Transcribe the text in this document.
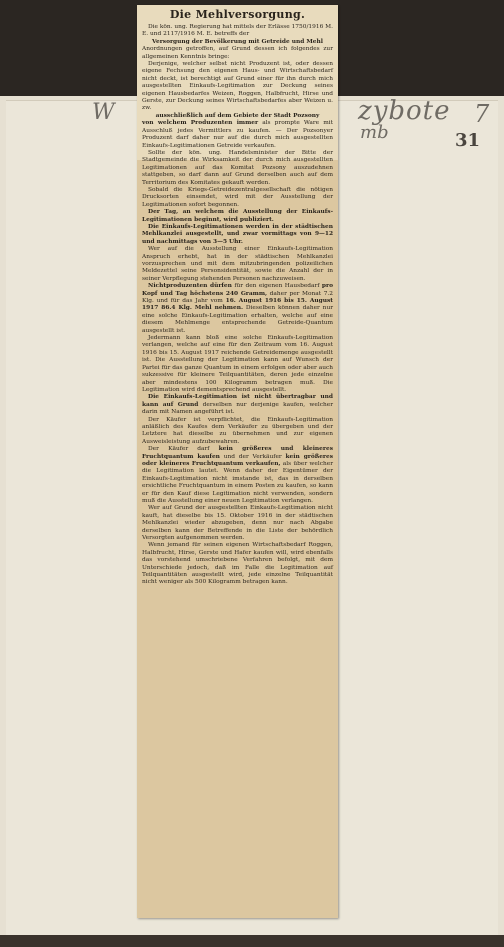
W	zybote
mb
7
31
Die Mehlversorgung.

Die kön. ung. Regierung hat mittels der Erlässe 1750/1916 M. E. und 2117/1916 M. E. betreffs der

Versorgung der Bevölkerung mit Getreide und Mehl

Anordnungen getroffen, auf Grund dessen ich folgendes zur allgemeinen Kenntnis bringe:

Derjenige, welcher selbst nicht Produzent ist, oder dessen eigene Fechsung den eigenen Haus- und Wirtschaftsbedarf nicht deckt, ist berechtigt auf Grund einer für ihn durch mich ausgestellten Einkaufs-Legitimation zur Deckung seines eigenen Hausbedarfes Weizen, Roggen, Halbfrucht, Hirse und Gerste, zur Deckung seines Wirtschaftsbedarfes aber Weizen u. zw.

ausschließlich auf dem Gebiete der Stadt Pozsony

von welchem Produzenten immer als prompte Ware mit Ausschluß jedes Vermittlers zu kaufen. — Der Pozsonyer Produzent darf daher nur auf die durch mich ausgestellten Einkaufs-Legitimationen Getreide verkaufen.

Sollte der kön. ung. Handelsminister der Bitte der Stadtgemeinde die Wirksamkeit der durch mich ausgestellten Legitimationen auf das Komitat Pozsony auszudehnen stattgeben, so darf dann auf Grund derselben auch auf dem Territorium des Komitates gekauft werden.

Sobald die Kriegs-Getreidezentralgesellschaft die nötigen Drucksorten einsendet, wird mit der Ausstellung der Legitimationen sofort begonnen.

Der Tag, an welchem die Ausstellung der Einkaufs-Legitimationen beginnt, wird publiziert.

Die Einkaufs-Legitimationen werden in der städtischen Mehlkanzlei ausgestellt, und zwar vormittags von 9—12 und nachmittags von 3—5 Uhr.

Wer auf die Ausstellung einer Einkaufs-Legitimation Anspruch erhebt, hat in der städtischen Mehlkanzlei vorzusprechen und mit dem mitzubringenden polizeilichen Meldezettel seine Personsidentität, sowie die Anzahl der in seiner Verpflegung stehenden Personen nachzuweisen.

Nichtproduzenten dürfen für den eigenen Hausbedarf pro Kopf und Tag höchstens 240 Gramm, daher per Monat 7.2 Klg. und für das Jahr vom 16. August 1916 bis 15. August 1917 86.4 Klg. Mehl nehmen. Dieselben können daher nur eine solche Einkaufs-Legitimation erhalten, welche auf eine diesem Mehlmenge entsprechende Getreide-Quantum ausgestellt ist.

Jedermann kann bloß eine solche Einkaufs-Legitimation verlangen, welche auf eine für den Zeitraum vom 16. August 1916 bis 15. August 1917 reichende Getreidemenge ausgestellt ist. Die Ausstellung der Legitimation kann auf Wunsch der Partei für das ganze Quantum in einem erfolgen oder aber auch sukzessive für kleinere Teilquantitäten, deren jede einzelne aber mindestens 100 Kilogramm betragen muß. Die Legitimation wird dementsprechend ausgestellt.

Die Einkaufs-Legitimation ist nicht übertragbar und kann auf Grund derselben nur derjenige kaufen, welcher darin mit Namen angeführt ist.

Der Käufer ist verpflichtet, die Einkaufs-Legitimation anläßlich des Kaufes dem Verkäufer zu übergeben und der Letztere hat dieselbe zu übernehmen und zur eigenen Ausweisleistung aufzubewahren.

Der Käufer darf kein größeres und kleineres Fruchtquantum kaufen und der Verkäufer kein größeres oder kleineres Fruchtquantum verkaufen, als über welcher die Legitimation lautet. Wenn daher der Eigentümer der Einkaufs-Legitimation nicht imstande ist, das in derselben ersichtliche Fruchtquantum in einem Posten zu kaufen, so kann er für den Kauf diese Legitimation nicht verwenden, sondern muß die Ausstellung einer neuen Legitimation verlangen.

Wer auf Grund der ausgestellten Einkaufs-Legitimation nicht kauft, hat dieselbe bis 15. Oktober 1916 in der städtischen Mehlkanzlei wieder abzugeben, denn nur nach Abgabe derselben kann der Betreffende in die Liste der behördlich Versorgten aufgenommen werden.

Wenn jemand für seinen eigenen Wirtschaftsbedarf Roggen, Halbfrucht, Hirse, Gerste und Hafer kaufen will, wird ebenfalls das vorstehend umschriebene Verfahren befolgt, mit dem Unterschiede jedoch, daß im Falle die Legitimation auf Teilquantitäten ausgestellt wird, jede einzelne Teilquantität nicht weniger als 500 Kilogramm betragen kann.
